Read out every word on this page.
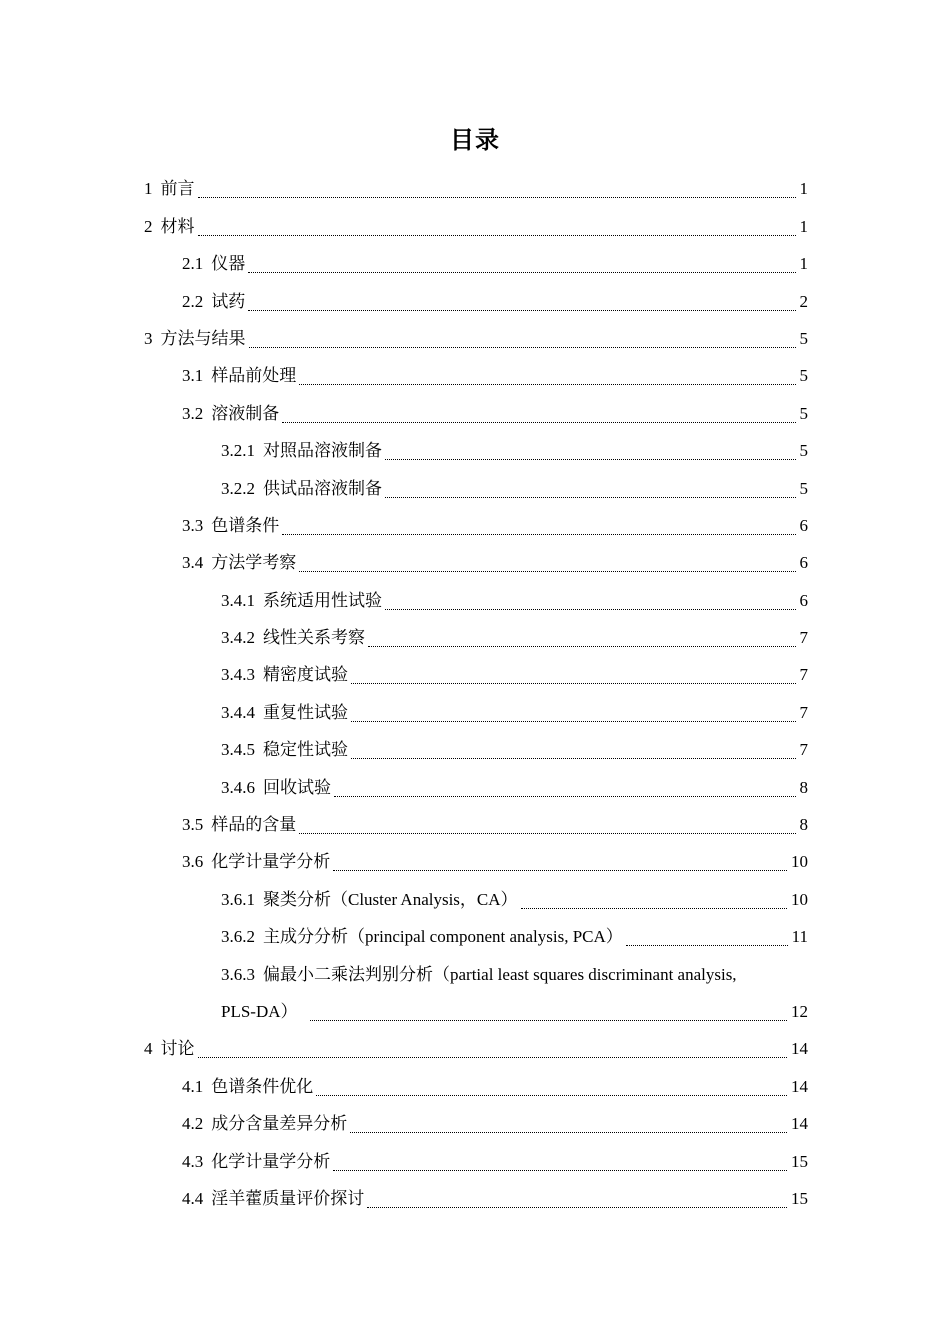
目录
1 前言	1
2 材料	1
2.1 仪器	1
2.2 试药	2
3 方法与结果	5
3.1 样品前处理	5
3.2 溶液制备	5
3.2.1 对照品溶液制备	5
3.2.2 供试品溶液制备	5
3.3 色谱条件	6
3.4 方法学考察	6
3.4.1 系统适用性试验	6
3.4.2 线性关系考察	7
3.4.3 精密度试验	7
3.4.4 重复性试验	7
3.4.5 稳定性试验	7
3.4.6 回收试验	8
3.5 样品的含量	8
3.6 化学计量学分析	10
3.6.1 聚类分析（Cluster Analysis，CA）	10
3.6.2 主成分分析（principal component analysis, PCA）	11
3.6.3 偏最小二乘法判别分析（partial least squares discriminant analysis,
PLS-DA）	12
4 讨论	14
4.1 色谱条件优化	14
4.2 成分含量差异分析	14
4.3 化学计量学分析	15
4.4 淫羊藿质量评价探讨	15
